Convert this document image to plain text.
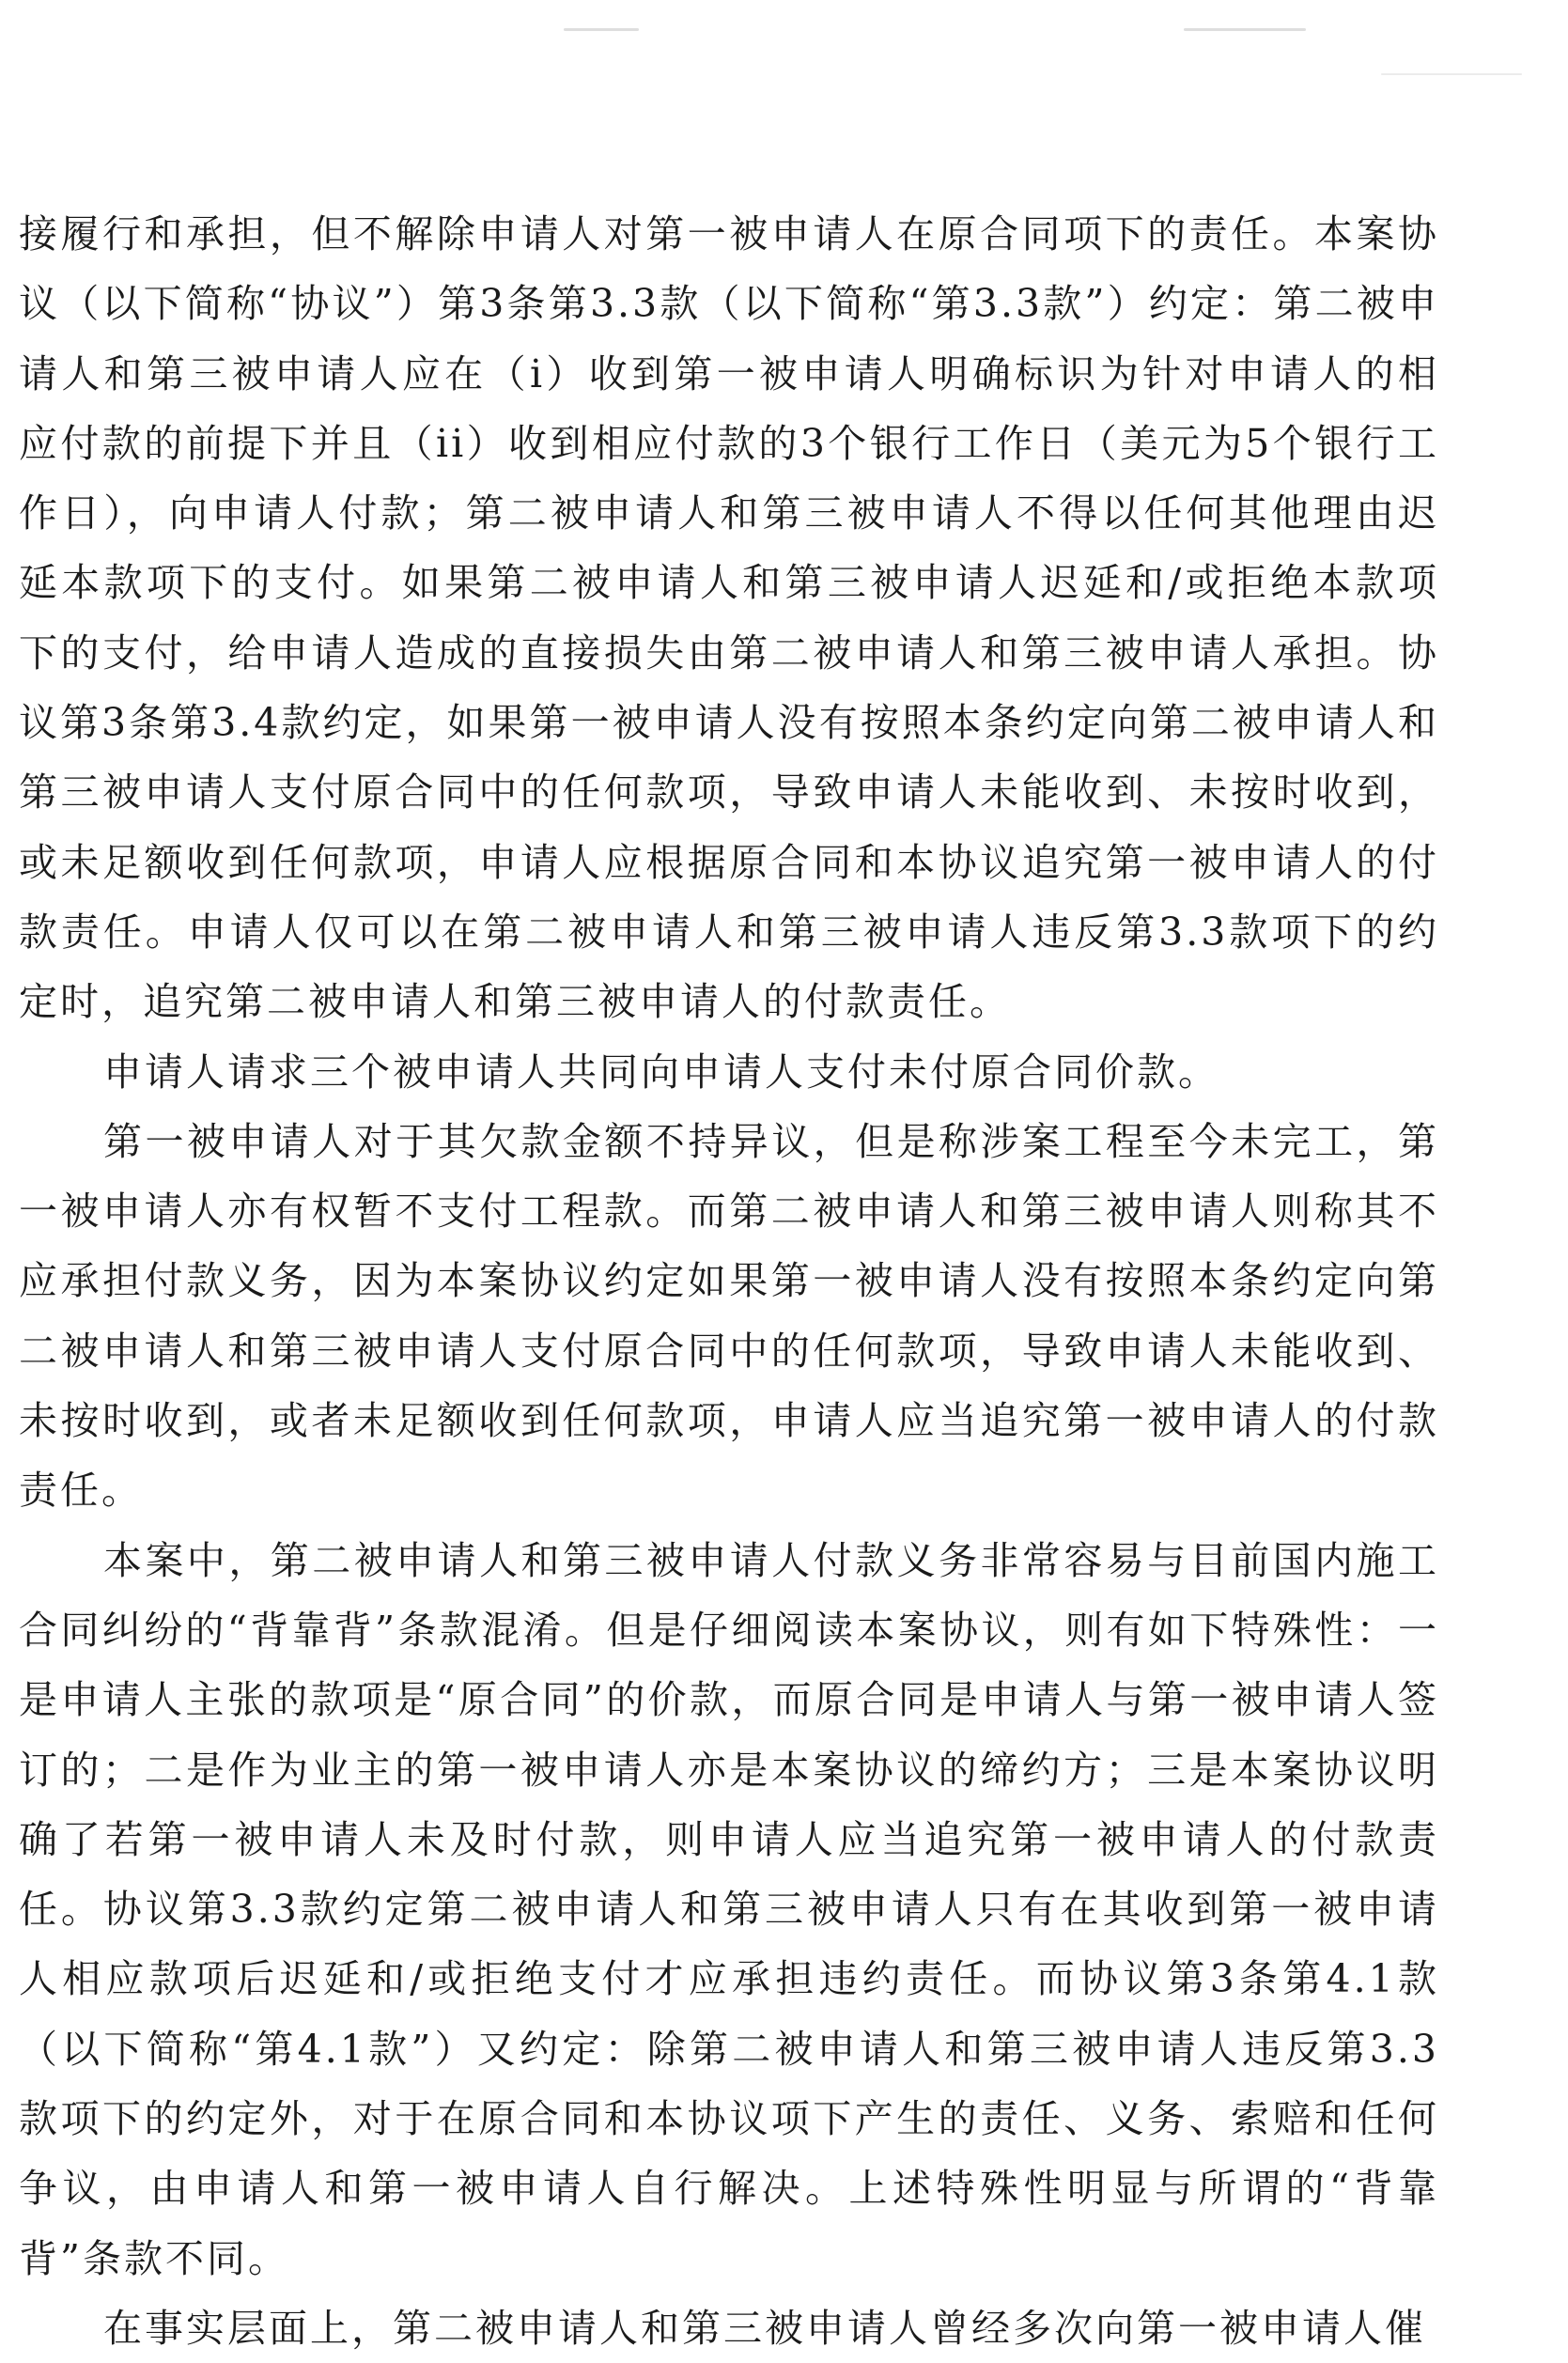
接履行和承担，但不解除申请人对第一被申请人在原合同项下的责任。本案协议（以下简称“协议”）第3条第3.3款（以下简称“第3.3款”）约定：第二被申请人和第三被申请人应在（i）收到第一被申请人明确标识为针对申请人的相应付款的前提下并且（ii）收到相应付款的3个银行工作日（美元为5个银行工作日），向申请人付款；第二被申请人和第三被申请人不得以任何其他理由迟延本款项下的支付。如果第二被申请人和第三被申请人迟延和/或拒绝本款项下的支付，给申请人造成的直接损失由第二被申请人和第三被申请人承担。协议第3条第3.4款约定，如果第一被申请人没有按照本条约定向第二被申请人和第三被申请人支付原合同中的任何款项，导致申请人未能收到、未按时收到，或未足额收到任何款项，申请人应根据原合同和本协议追究第一被申请人的付款责任。申请人仅可以在第二被申请人和第三被申请人违反第3.3款项下的约定时，追究第二被申请人和第三被申请人的付款责任。

申请人请求三个被申请人共同向申请人支付未付原合同价款。

第一被申请人对于其欠款金额不持异议，但是称涉案工程至今未完工，第一被申请人亦有权暂不支付工程款。而第二被申请人和第三被申请人则称其不应承担付款义务，因为本案协议约定如果第一被申请人没有按照本条约定向第二被申请人和第三被申请人支付原合同中的任何款项，导致申请人未能收到、未按时收到，或者未足额收到任何款项，申请人应当追究第一被申请人的付款责任。

本案中，第二被申请人和第三被申请人付款义务非常容易与目前国内施工合同纠纷的“背靠背”条款混淆。但是仔细阅读本案协议，则有如下特殊性：一是申请人主张的款项是“原合同”的价款，而原合同是申请人与第一被申请人签订的；二是作为业主的第一被申请人亦是本案协议的缔约方；三是本案协议明确了若第一被申请人未及时付款，则申请人应当追究第一被申请人的付款责任。协议第3.3款约定第二被申请人和第三被申请人只有在其收到第一被申请人相应款项后迟延和/或拒绝支付才应承担违约责任。而协议第3条第4.1款（以下简称“第4.1款”）又约定：除第二被申请人和第三被申请人违反第3.3款项下的约定外，对于在原合同和本协议项下产生的责任、义务、索赔和任何争议，由申请人和第一被申请人自行解决。上述特殊性明显与所谓的“背靠背”条款不同。

在事实层面上，第二被申请人和第三被申请人曾经多次向第一被申请人催
